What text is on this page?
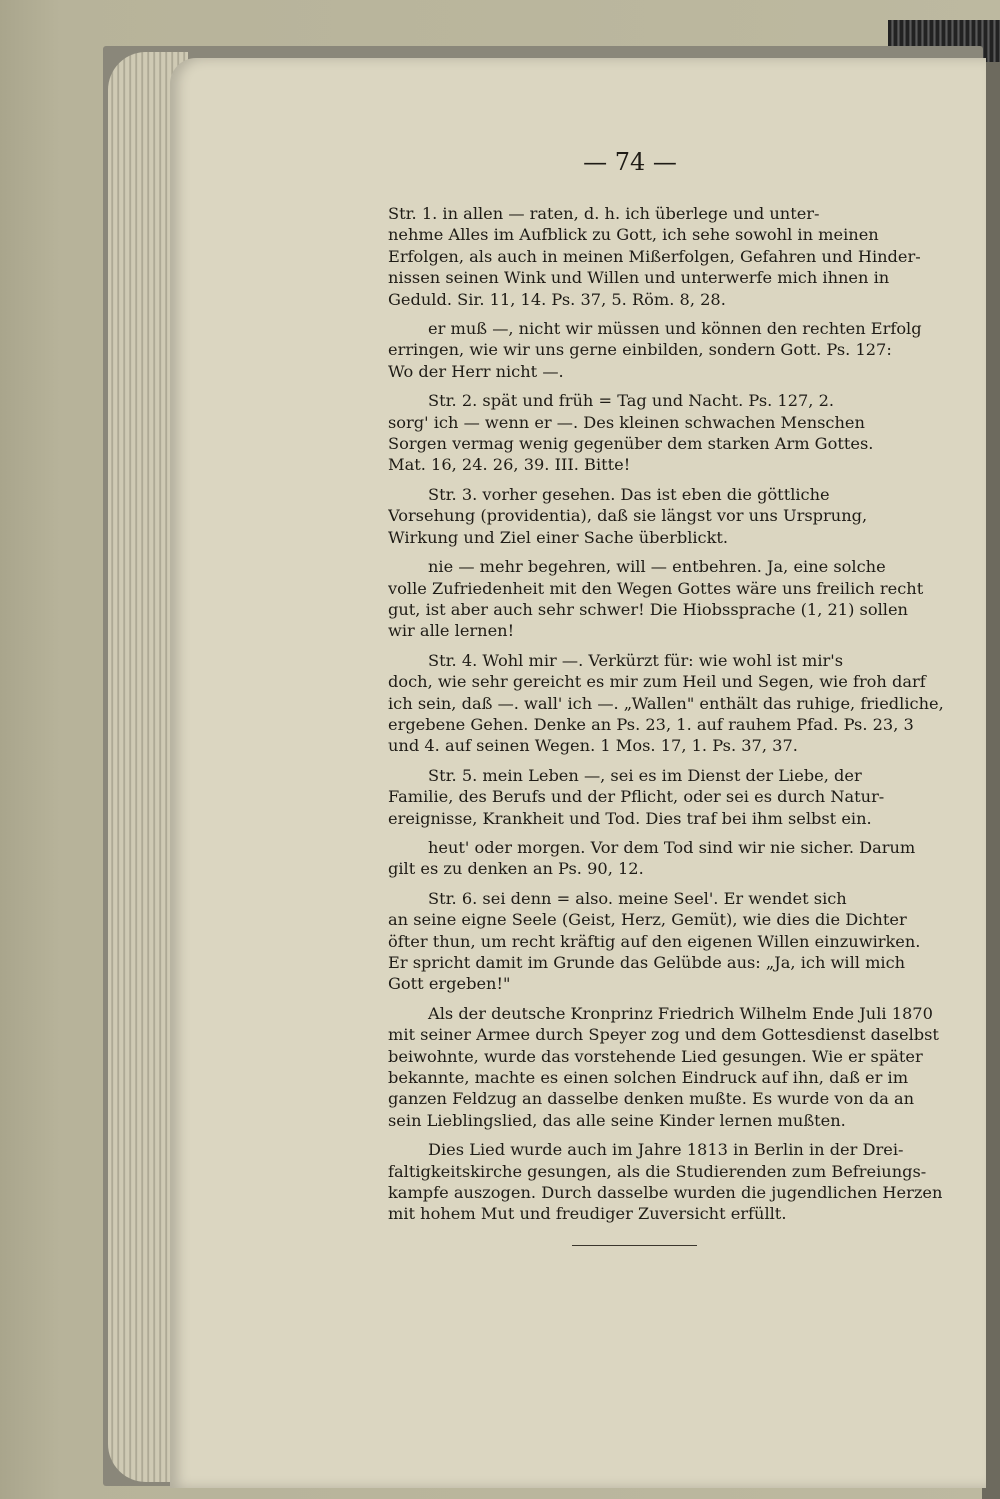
— 74 —
Str. 1. in allen — raten, d. h. ich überlege und unter-
nehme Alles im Aufblick zu Gott, ich sehe sowohl in meinen
Erfolgen, als auch in meinen Mißerfolgen, Gefahren und Hinder-
nissen seinen Wink und Willen und unterwerfe mich ihnen in
Geduld. Sir. 11, 14. Ps. 37, 5. Röm. 8, 28.
er muß —, nicht wir müssen und können den rechten Erfolg
erringen, wie wir uns gerne einbilden, sondern Gott. Ps. 127:
Wo der Herr nicht —.
Str. 2. spät und früh = Tag und Nacht. Ps. 127, 2.
sorg' ich — wenn er —. Des kleinen schwachen Menschen
Sorgen vermag wenig gegenüber dem starken Arm Gottes.
Mat. 16, 24. 26, 39. III. Bitte!
Str. 3. vorher gesehen. Das ist eben die göttliche
Vorsehung (providentia), daß sie längst vor uns Ursprung,
Wirkung und Ziel einer Sache überblickt.
nie — mehr begehren, will — entbehren. Ja, eine solche
volle Zufriedenheit mit den Wegen Gottes wäre uns freilich recht
gut, ist aber auch sehr schwer! Die Hiobssprache (1, 21) sollen
wir alle lernen!
Str. 4. Wohl mir —. Verkürzt für: wie wohl ist mir's
doch, wie sehr gereicht es mir zum Heil und Segen, wie froh darf
ich sein, daß —. wall' ich —. „Wallen" enthält das ruhige, friedliche,
ergebene Gehen. Denke an Ps. 23, 1. auf rauhem Pfad. Ps. 23, 3
und 4. auf seinen Wegen. 1 Mos. 17, 1. Ps. 37, 37.
Str. 5. mein Leben —, sei es im Dienst der Liebe, der
Familie, des Berufs und der Pflicht, oder sei es durch Natur-
ereignisse, Krankheit und Tod. Dies traf bei ihm selbst ein.
heut' oder morgen. Vor dem Tod sind wir nie sicher. Darum
gilt es zu denken an Ps. 90, 12.
Str. 6. sei denn = also. meine Seel'. Er wendet sich
an seine eigne Seele (Geist, Herz, Gemüt), wie dies die Dichter
öfter thun, um recht kräftig auf den eigenen Willen einzuwirken.
Er spricht damit im Grunde das Gelübde aus: „Ja, ich will mich
Gott ergeben!"
Als der deutsche Kronprinz Friedrich Wilhelm Ende Juli 1870
mit seiner Armee durch Speyer zog und dem Gottesdienst daselbst
beiwohnte, wurde das vorstehende Lied gesungen. Wie er später
bekannte, machte es einen solchen Eindruck auf ihn, daß er im
ganzen Feldzug an dasselbe denken mußte. Es wurde von da an
sein Lieblingslied, das alle seine Kinder lernen mußten.
Dies Lied wurde auch im Jahre 1813 in Berlin in der Drei-
faltigkeitskirche gesungen, als die Studierenden zum Befreiungs-
kampfe auszogen. Durch dasselbe wurden die jugendlichen Herzen
mit hohem Mut und freudiger Zuversicht erfüllt.
